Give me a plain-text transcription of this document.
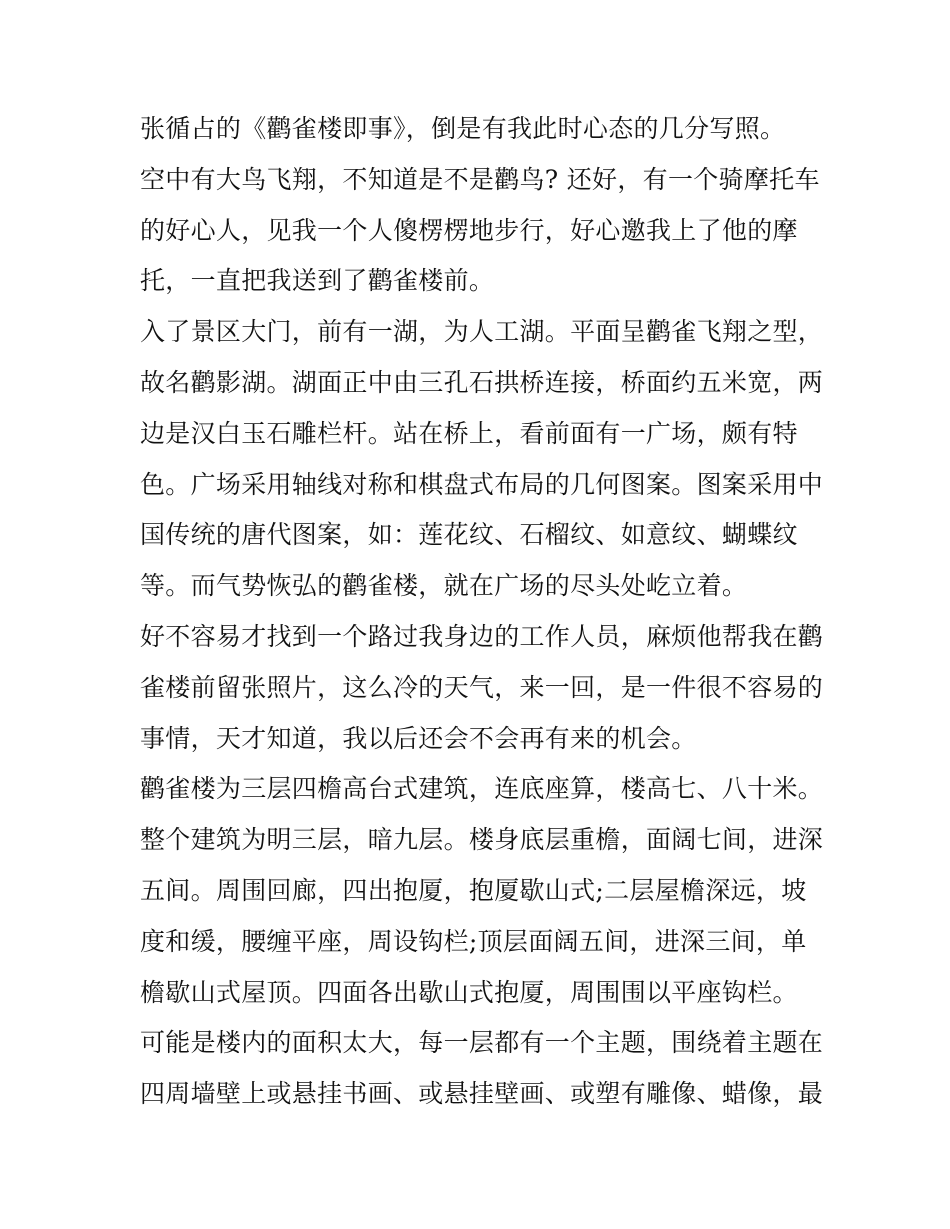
张循占的《鹳雀楼即事》，倒是有我此时心态的几分写照。
空中有大鸟飞翔，不知道是不是鹳鸟? 还好，有一个骑摩托车
的好心人，见我一个人傻楞楞地步行，好心邀我上了他的摩
托，一直把我送到了鹳雀楼前。
入了景区大门，前有一湖，为人工湖。平面呈鹳雀飞翔之型，
故名鹳影湖。湖面正中由三孔石拱桥连接，桥面约五米宽，两
边是汉白玉石雕栏杆。站在桥上，看前面有一广场，颇有特
色。广场采用轴线对称和棋盘式布局的几何图案。图案采用中
国传统的唐代图案，如：莲花纹、石榴纹、如意纹、蝴蝶纹
等。而气势恢弘的鹳雀楼，就在广场的尽头处屹立着。
好不容易才找到一个路过我身边的工作人员，麻烦他帮我在鹳
雀楼前留张照片，这么冷的天气，来一回，是一件很不容易的
事情，天才知道，我以后还会不会再有来的机会。
鹳雀楼为三层四檐高台式建筑，连底座算，楼高七、八十米。
整个建筑为明三层，暗九层。楼身底层重檐，面阔七间，进深
五间。周围回廊，四出抱厦，抱厦歇山式;二层屋檐深远，坡
度和缓，腰缠平座，周设钩栏;顶层面阔五间，进深三间，单
檐歇山式屋顶。四面各出歇山式抱厦，周围围以平座钩栏。
可能是楼内的面积太大，每一层都有一个主题，围绕着主题在
四周墙壁上或悬挂书画、或悬挂壁画、或塑有雕像、蜡像，最
